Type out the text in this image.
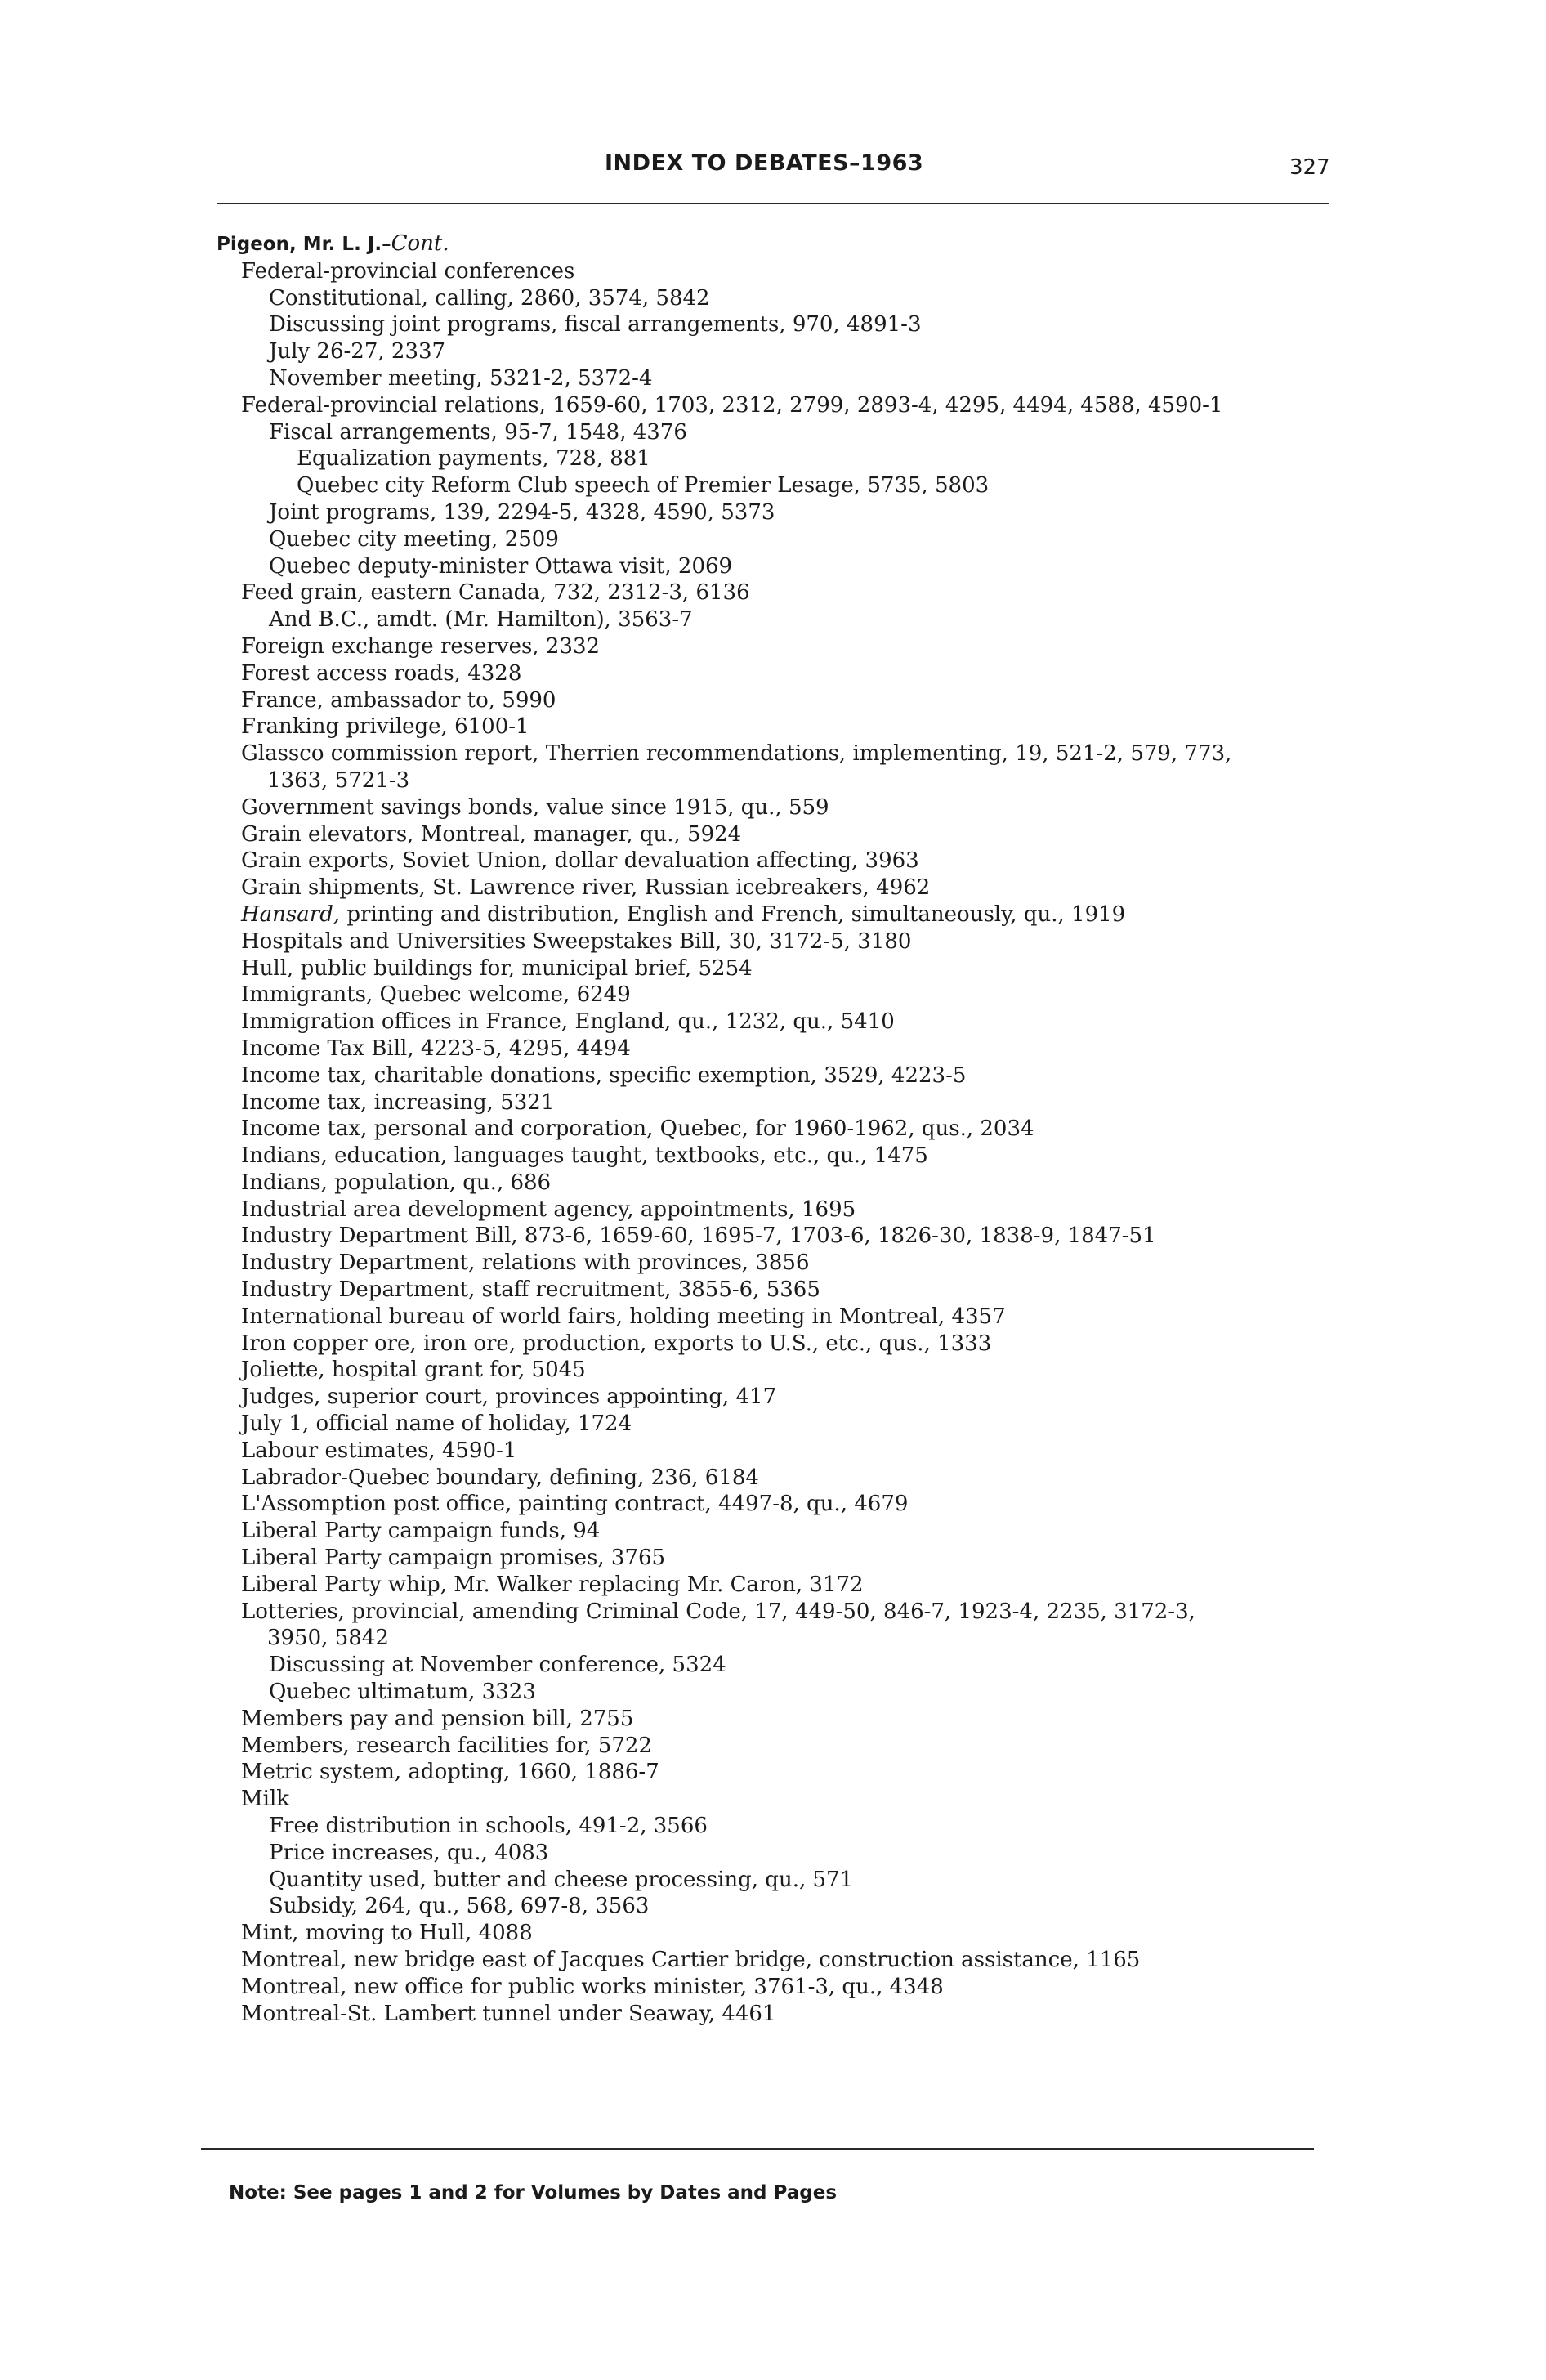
INDEX TO DEBATES–1963	327
Pigeon, Mr. L. J.–Cont.
Federal-provincial conferences
Constitutional, calling, 2860, 3574, 5842
Discussing joint programs, fiscal arrangements, 970, 4891-3
July 26-27, 2337
November meeting, 5321-2, 5372-4
Federal-provincial relations, 1659-60, 1703, 2312, 2799, 2893-4, 4295, 4494, 4588, 4590-1
Fiscal arrangements, 95-7, 1548, 4376
Equalization payments, 728, 881
Quebec city Reform Club speech of Premier Lesage, 5735, 5803
Joint programs, 139, 2294-5, 4328, 4590, 5373
Quebec city meeting, 2509
Quebec deputy-minister Ottawa visit, 2069
Feed grain, eastern Canada, 732, 2312-3, 6136
And B.C., amdt. (Mr. Hamilton), 3563-7
Foreign exchange reserves, 2332
Forest access roads, 4328
France, ambassador to, 5990
Franking privilege, 6100-1
Glassco commission report, Therrien recommendations, implementing, 19, 521-2, 579, 773,
1363, 5721-3
Government savings bonds, value since 1915, qu., 559
Grain elevators, Montreal, manager, qu., 5924
Grain exports, Soviet Union, dollar devaluation affecting, 3963
Grain shipments, St. Lawrence river, Russian icebreakers, 4962
Hansard, printing and distribution, English and French, simultaneously, qu., 1919
Hospitals and Universities Sweepstakes Bill, 30, 3172-5, 3180
Hull, public buildings for, municipal brief, 5254
Immigrants, Quebec welcome, 6249
Immigration offices in France, England, qu., 1232, qu., 5410
Income Tax Bill, 4223-5, 4295, 4494
Income tax, charitable donations, specific exemption, 3529, 4223-5
Income tax, increasing, 5321
Income tax, personal and corporation, Quebec, for 1960-1962, qus., 2034
Indians, education, languages taught, textbooks, etc., qu., 1475
Indians, population, qu., 686
Industrial area development agency, appointments, 1695
Industry Department Bill, 873-6, 1659-60, 1695-7, 1703-6, 1826-30, 1838-9, 1847-51
Industry Department, relations with provinces, 3856
Industry Department, staff recruitment, 3855-6, 5365
International bureau of world fairs, holding meeting in Montreal, 4357
Iron copper ore, iron ore, production, exports to U.S., etc., qus., 1333
Joliette, hospital grant for, 5045
Judges, superior court, provinces appointing, 417
July 1, official name of holiday, 1724
Labour estimates, 4590-1
Labrador-Quebec boundary, defining, 236, 6184
L'Assomption post office, painting contract, 4497-8, qu., 4679
Liberal Party campaign funds, 94
Liberal Party campaign promises, 3765
Liberal Party whip, Mr. Walker replacing Mr. Caron, 3172
Lotteries, provincial, amending Criminal Code, 17, 449-50, 846-7, 1923-4, 2235, 3172-3,
3950, 5842
Discussing at November conference, 5324
Quebec ultimatum, 3323
Members pay and pension bill, 2755
Members, research facilities for, 5722
Metric system, adopting, 1660, 1886-7
Milk
Free distribution in schools, 491-2, 3566
Price increases, qu., 4083
Quantity used, butter and cheese processing, qu., 571
Subsidy, 264, qu., 568, 697-8, 3563
Mint, moving to Hull, 4088
Montreal, new bridge east of Jacques Cartier bridge, construction assistance, 1165
Montreal, new office for public works minister, 3761-3, qu., 4348
Montreal-St. Lambert tunnel under Seaway, 4461
Note: See pages 1 and 2 for Volumes by Dates and Pages
